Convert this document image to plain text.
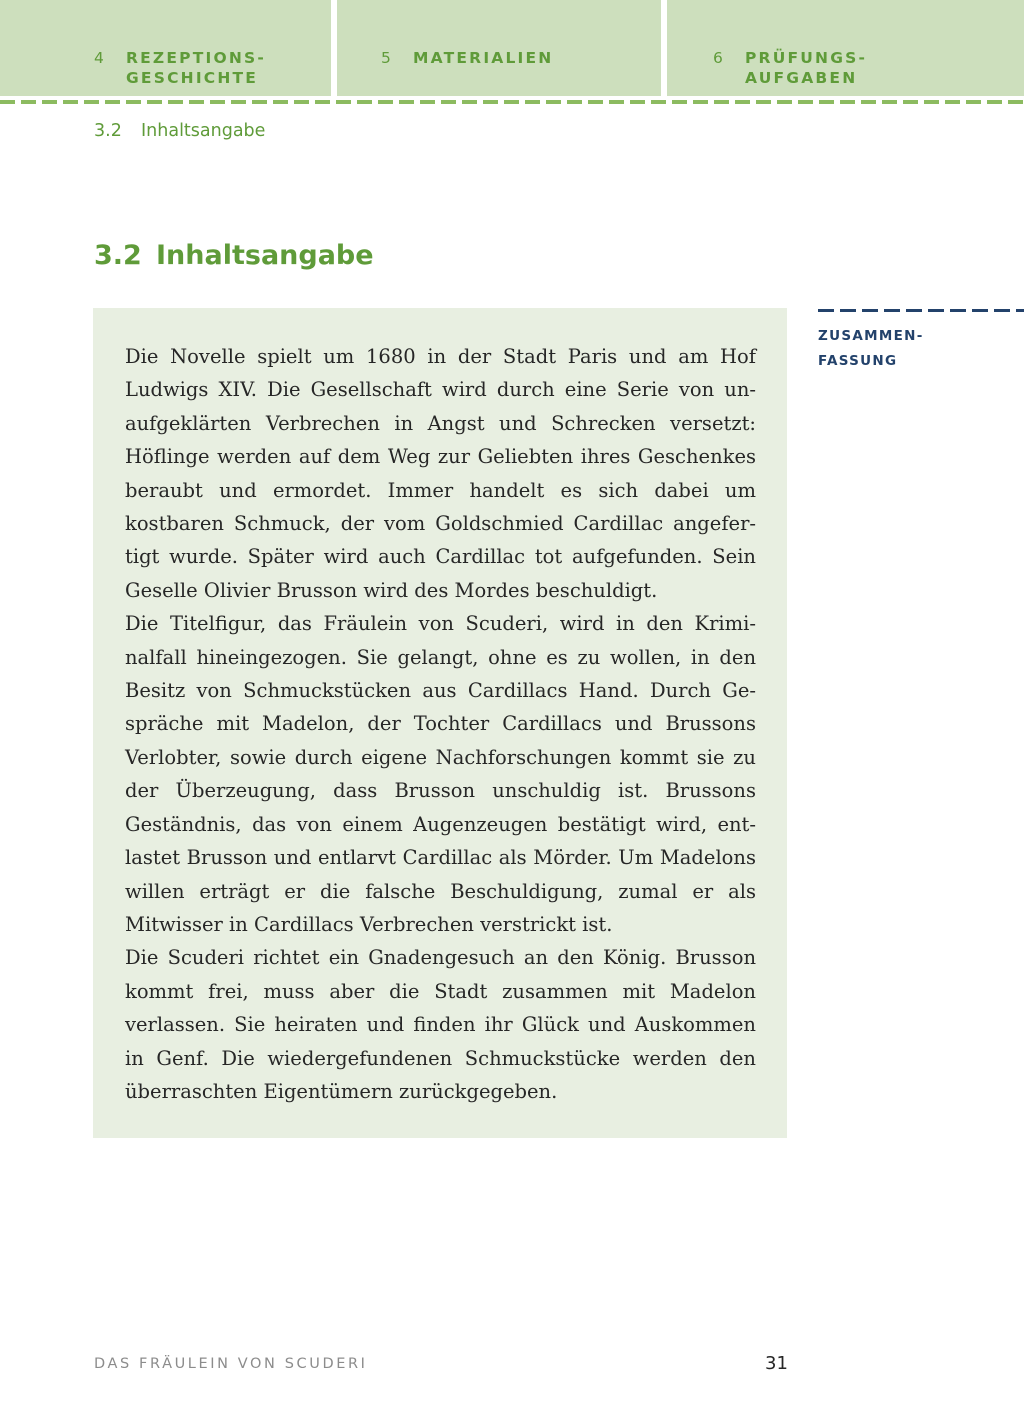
4 REZEPTIONS-
GESCHICHTE
5 MATERIALIEN	6 PRÜFUNGS-
AUFGABEN
3.2 Inhaltsangabe
3.2 Inhaltsangabe
ZUSAMMEN-
FASSUNG

Die Novelle spielt um 1680 in der Stadt Paris und am Hof Ludwigs XIV. Die Gesellschaft wird durch eine Serie von unaufgeklärten Verbrechen in Angst und Schrecken versetzt: Höflinge werden auf dem Weg zur Geliebten ihres Geschenkes beraubt und ermordet. Immer handelt es sich dabei um kostbaren Schmuck, der vom Goldschmied Cardillac angefertigt wurde. Später wird auch Cardillac tot aufgefunden. Sein Geselle Olivier Brusson wird des Mordes beschuldigt.

Die Titelfigur, das Fräulein von Scuderi, wird in den Kriminalfall hineingezogen. Sie gelangt, ohne es zu wollen, in den Besitz von Schmuckstücken aus Cardillacs Hand. Durch Gespräche mit Madelon, der Tochter Cardillacs und Brussons Verlobter, sowie durch eigene Nachforschungen kommt sie zu der Überzeugung, dass Brusson unschuldig ist. Brussons Geständnis, das von einem Augenzeugen bestätigt wird, entlastet Brusson und entlarvt Cardillac als Mörder. Um Madelons willen erträgt er die falsche Beschuldigung, zumal er als Mitwisser in Cardillacs Verbrechen verstrickt ist.

Die Scuderi richtet ein Gnadengesuch an den König. Brusson kommt frei, muss aber die Stadt zusammen mit Madelon verlassen. Sie heiraten und finden ihr Glück und Auskommen in Genf. Die wiedergefundenen Schmuckstücke werden den überraschten Eigentümern zurückgegeben.

DAS FRÄULEIN VON SCUDERI	31
